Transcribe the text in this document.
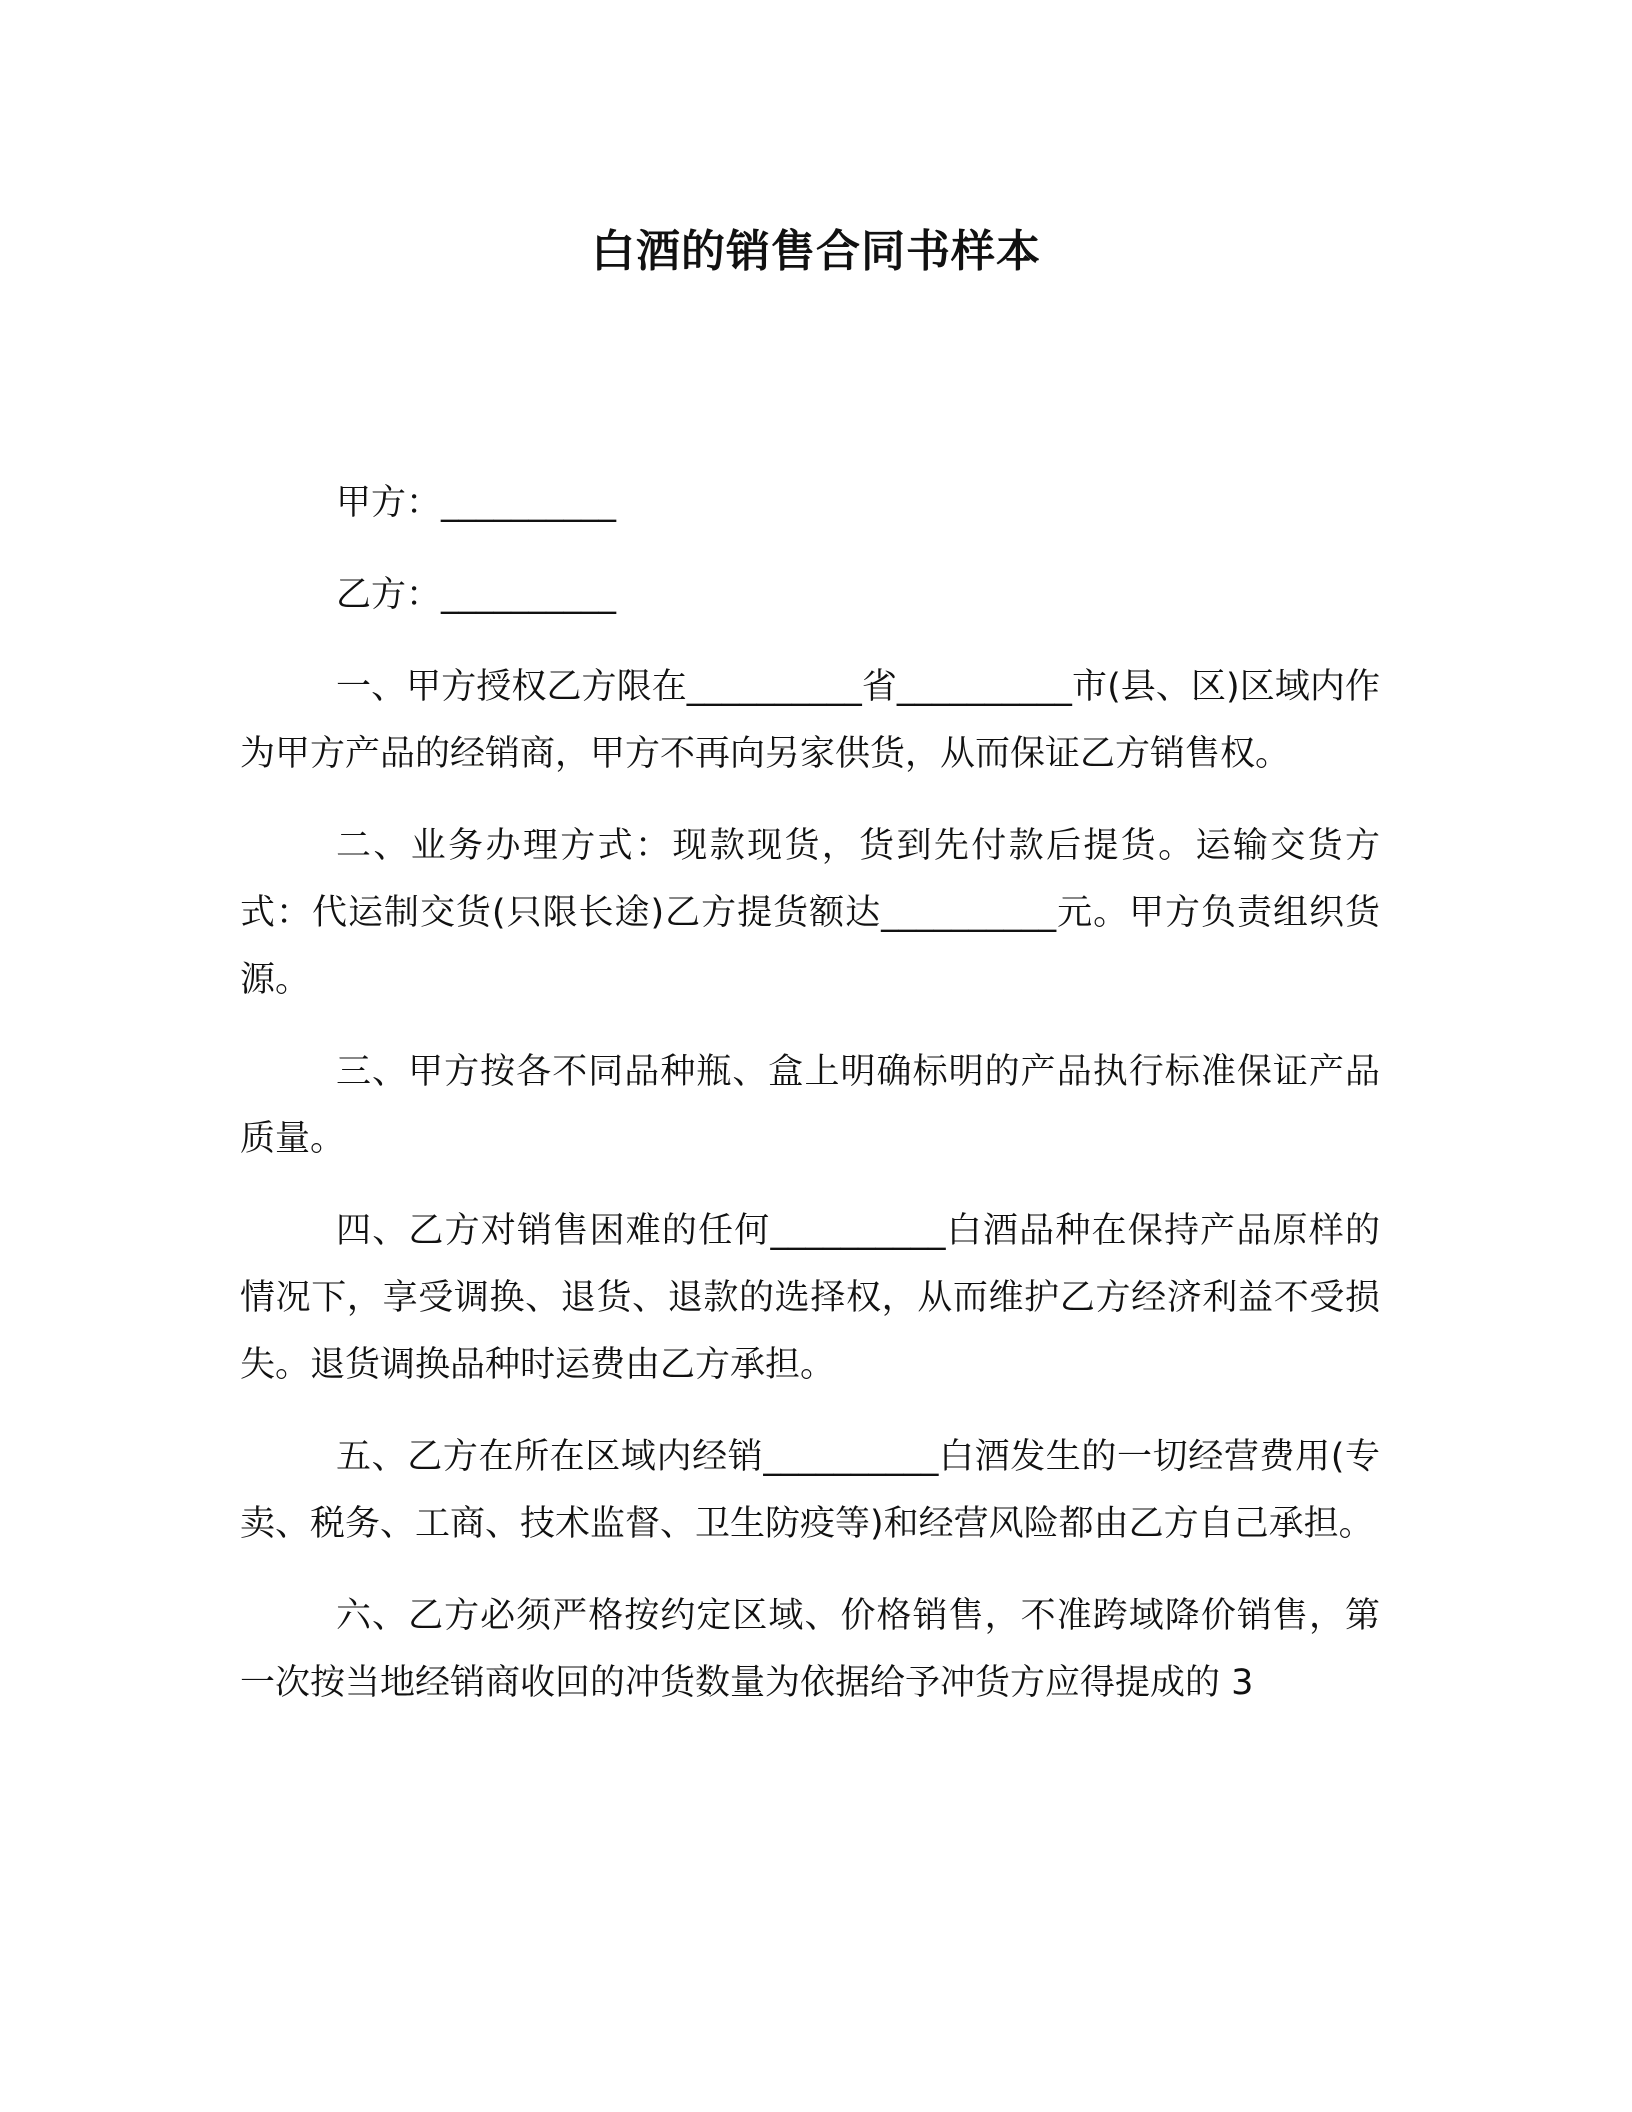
白酒的销售合同书样本

甲方：__________

乙方：__________

一、甲方授权乙方限在__________省__________市(县、区)区域内作为甲方产品的经销商，甲方不再向另家供货，从而保证乙方销售权。

二、业务办理方式：现款现货，货到先付款后提货。运输交货方式：代运制交货(只限长途)乙方提货额达__________元。甲方负责组织货源。

三、甲方按各不同品种瓶、盒上明确标明的产品执行标准保证产品质量。

四、乙方对销售困难的任何__________白酒品种在保持产品原样的情况下，享受调换、退货、退款的选择权，从而维护乙方经济利益不受损失。退货调换品种时运费由乙方承担。

五、乙方在所在区域内经销__________白酒发生的一切经营费用(专卖、税务、工商、技术监督、卫生防疫等)和经营风险都由乙方自己承担。

六、乙方必须严格按约定区域、价格销售，不准跨域降价销售，第一次按当地经销商收回的冲货数量为依据给予冲货方应得提成的 3
